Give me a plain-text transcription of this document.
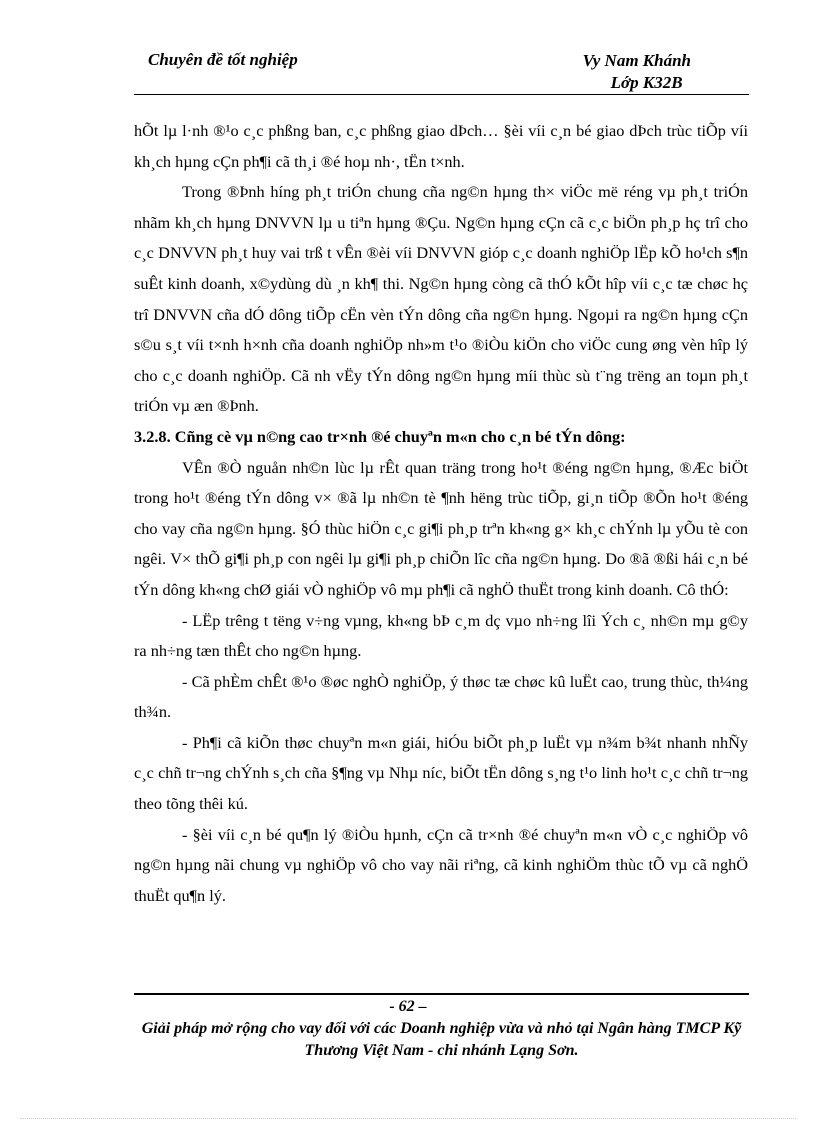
Chuyên đề tốt nghiệp	Vy Nam Khánh
Lớp K32B

hÕt lµ l·nh ®¹o c¸c phßng ban, c¸c phßng giao dÞch… §èi víi c¸n bé giao dÞch trùc tiÕp víi kh¸ch hµng cÇn ph¶i cã th¸i ®é hoµ nh·, tËn t×nh.

Trong ®Þnh híng ph¸t triÓn chung cña ng©n hµng th× viÖc më réng vµ ph¸t triÓn nhãm kh¸ch hµng DNVVN lµ u tiªn hµng ®Çu. Ng©n hµng cÇn cã c¸c biÖn ph¸p hç trî cho c¸c DNVVN ph¸t huy vai trß t vÊn ®èi víi DNVVN gióp c¸c doanh nghiÖp lËp kÕ ho¹ch s¶n suÊt kinh doanh, x©ydùng dù ¸n kh¶ thi. Ng©n hµng còng cã thÓ kÕt hîp víi c¸c tæ chøc hç trî DNVVN cña dÓ dông tiÕp cËn vèn tÝn dông cña ng©n hµng. Ngoµi ra ng©n hµng cÇn s©u s¸t víi t×nh h×nh cña doanh nghiÖp nh»m t¹o ®iÒu kiÖn cho viÖc cung øng vèn hîp lý cho c¸c doanh nghiÖp. Cã nh vËy tÝn dông ng©n hµng míi thùc sù t¨ng trëng an toµn ph¸t triÓn vµ æn ®Þnh.

3.2.8. Cñng cè vµ n©ng cao tr×nh ®é chuyªn m«n cho c¸n bé tÝn dông:

VÊn ®Ò nguån nh©n lùc lµ rÊt quan träng trong ho¹t ®éng ng©n hµng, ®Æc biÖt trong ho¹t ®éng tÝn dông v× ®ã lµ nh©n tè ¶nh hëng trùc tiÕp, gi¸n tiÕp ®Õn ho¹t ®éng cho vay cña ng©n hµng. §Ó thùc hiÖn c¸c gi¶i ph¸p trªn kh«ng g× kh¸c chÝnh lµ yÕu tè con ngêi. V× thÕ gi¶i ph¸p con ngêi lµ gi¶i ph¸p chiÕn lîc cña ng©n hµng. Do ®ã ®ßi hái c¸n bé tÝn dông kh«ng chØ giái vÒ nghiÖp vô mµ ph¶i cã nghÖ thuËt trong kinh doanh. Cô thÓ:

- LËp trêng t tëng v÷ng vµng, kh«ng bÞ c¸m dç vµo nh÷ng lîi Ých c¸ nh©n mµ g©y ra nh÷ng tæn thÊt cho ng©n hµng.

- Cã phÈm chÊt ®¹o ®øc nghÒ nghiÖp, ý thøc tæ chøc kû luËt cao, trung thùc, th¼ng th¾n.

- Ph¶i cã kiÕn thøc chuyªn m«n giái, hiÓu biÕt ph¸p luËt vµ n¾m b¾t nhanh nhÑy c¸c chñ tr¬ng chÝnh s¸ch cña §¶ng vµ Nhµ níc, biÕt tËn dông s¸ng t¹o linh ho¹t c¸c chñ tr¬ng theo tõng thêi kú.

- §èi víi c¸n bé qu¶n lý ®iÒu hµnh, cÇn cã tr×nh ®é chuyªn m«n vÒ c¸c nghiÖp vô ng©n hµng nãi chung vµ nghiÖp vô cho vay nãi riªng, cã kinh nghiÖm thùc tÕ vµ cã nghÖ thuËt qu¶n lý.

- 62 –
Giải pháp mở rộng cho vay đối với các Doanh nghiệp vừa và nhỏ tại Ngân hàng TMCP Kỹ Thương Việt Nam - chi nhánh Lạng Sơn.
